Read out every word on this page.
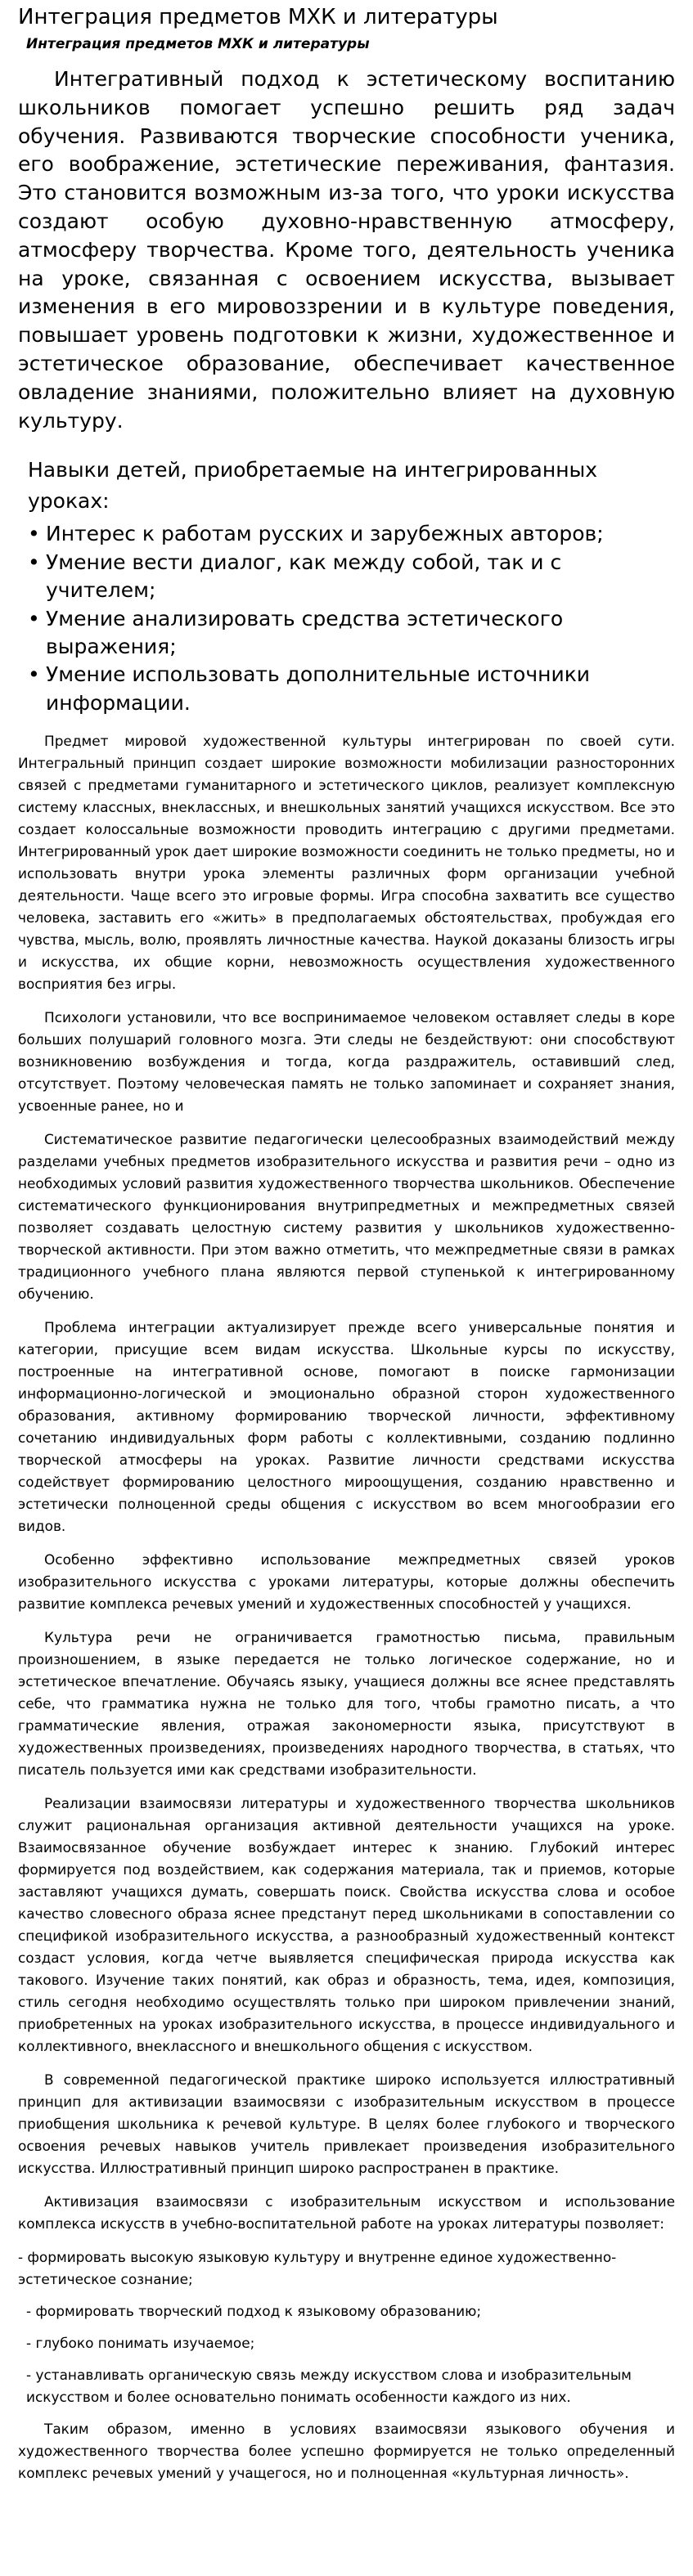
Интеграция предметов МХК и литературы
Интеграция предметов МХК и литературы

Интегративный подход к эстетическому воспитанию школьников помогает успешно решить ряд задач обучения. Развиваются творческие способности ученика, его воображение, эстетические переживания, фантазия. Это становится возможным из-за того, что уроки искусства создают особую духовно-нравственную атмосферу, атмосферу творчества. Кроме того, деятельность ученика на уроке, связанная с освоением искусства, вызывает изменения в его мировоззрении и в культуре поведения, повышает уровень подготовки к жизни, художественное и эстетическое образование, обеспечивает качественное овладение знаниями, положительно влияет на духовную культуру.

Навыки детей, приобретаемые на интегрированных уроках:
• Интерес к работам русских и зарубежных авторов;
• Умение вести диалог, как между собой, так и с учителем;
• Умение анализировать средства эстетического выражения;
• Умение использовать дополнительные источники информации.

Предмет мировой художественной культуры интегрирован по своей сути. Интегральный принцип создает широкие возможности мобилизации разносторонних связей с предметами гуманитарного и эстетического циклов, реализует комплексную систему классных, внеклассных, и внешкольных занятий учащихся искусством. Все это создает колоссальные возможности проводить интеграцию с другими предметами. Интегрированный урок дает широкие возможности соединить не только предметы, но и использовать внутри урока элементы различных форм организации учебной деятельности. Чаще всего это игровые формы. Игра способна захватить все существо человека, заставить его «жить» в предполагаемых обстоятельствах, пробуждая его чувства, мысль, волю, проявлять личностные качества. Наукой доказаны близость игры и искусства, их общие корни, невозможность осуществления художественного восприятия без игры.

Психологи установили, что все воспринимаемое человеком оставляет следы в коре больших полушарий головного мозга. Эти следы не бездействуют: они способствуют возникновению возбуждения и тогда, когда раздражитель, оставивший след, отсутствует. Поэтому человеческая память не только запоминает и сохраняет знания, усвоенные ранее, но и

Систематическое развитие педагогически целесообразных взаимодействий между разделами учебных предметов изобразительного искусства и развития речи – одно из необходимых условий развития художественного творчества школьников. Обеспечение систематического функционирования внутрипредметных и межпредметных связей позволяет создавать целостную систему развития у школьников художественно-творческой активности. При этом важно отметить, что межпредметные связи в рамках традиционного учебного плана являются первой ступенькой к интегрированному обучению.

Проблема интеграции актуализирует прежде всего универсальные понятия и категории, присущие всем видам искусства. Школьные курсы по искусству, построенные на интегративной основе, помогают в поиске гармонизации информационно-логической и эмоционально образной сторон художественного образования, активному формированию творческой личности, эффективному сочетанию индивидуальных форм работы с коллективными, созданию подлинно творческой атмосферы на уроках. Развитие личности средствами искусства содействует формированию целостного мироощущения, созданию нравственно и эстетически полноценной среды общения с искусством во всем многообразии его видов.

Особенно эффективно использование межпредметных связей уроков изобразительного искусства с уроками литературы, которые должны обеспечить развитие комплекса речевых умений и художественных способностей у учащихся.

Культура речи не ограничивается грамотностью письма, правильным произношением, в языке передается не только логическое содержание, но и эстетическое впечатление. Обучаясь языку, учащиеся должны все яснее представлять себе, что грамматика нужна не только для того, чтобы грамотно писать, а что грамматические явления, отражая закономерности языка, присутствуют в художественных произведениях, произведениях народного творчества, в статьях, что писатель пользуется ими как средствами изобразительности.

Реализации взаимосвязи литературы и художественного творчества школьников служит рациональная организация активной деятельности учащихся на уроке. Взаимосвязанное обучение возбуждает интерес к знанию. Глубокий интерес формируется под воздействием, как содержания материала, так и приемов, которые заставляют учащихся думать, совершать поиск. Свойства искусства слова и особое качество словесного образа яснее предстанут перед школьниками в сопоставлении со спецификой изобразительного искусства, а разнообразный художественный контекст создаст условия, когда четче выявляется специфическая природа искусства как такового. Изучение таких понятий, как образ и образность, тема, идея, композиция, стиль сегодня необходимо осуществлять только при широком привлечении знаний, приобретенных на уроках изобразительного искусства, в процессе индивидуального и коллективного, внеклассного и внешкольного общения с искусством.

В современной педагогической практике широко используется иллюстративный принцип для активизации взаимосвязи с изобразительным искусством в процессе приобщения школьника к речевой культуре. В целях более глубокого и творческого освоения речевых навыков учитель привлекает произведения изобразительного искусства. Иллюстративный принцип широко распространен в практике.

Активизация взаимосвязи с изобразительным искусством и использование комплекса искусств в учебно-воспитательной работе на уроках литературы позволяет:

- формировать высокую языковую культуру и внутренне единое художественно-эстетическое сознание;

- формировать творческий подход к языковому образованию;

- глубоко понимать изучаемое;

- устанавливать органическую связь между искусством слова и изобразительным искусством и более основательно понимать особенности каждого из них.

Таким образом, именно в условиях взаимосвязи языкового обучения и художественного творчества более успешно формируется не только определенный комплекс речевых умений у учащегося, но и полноценная «культурная личность».
